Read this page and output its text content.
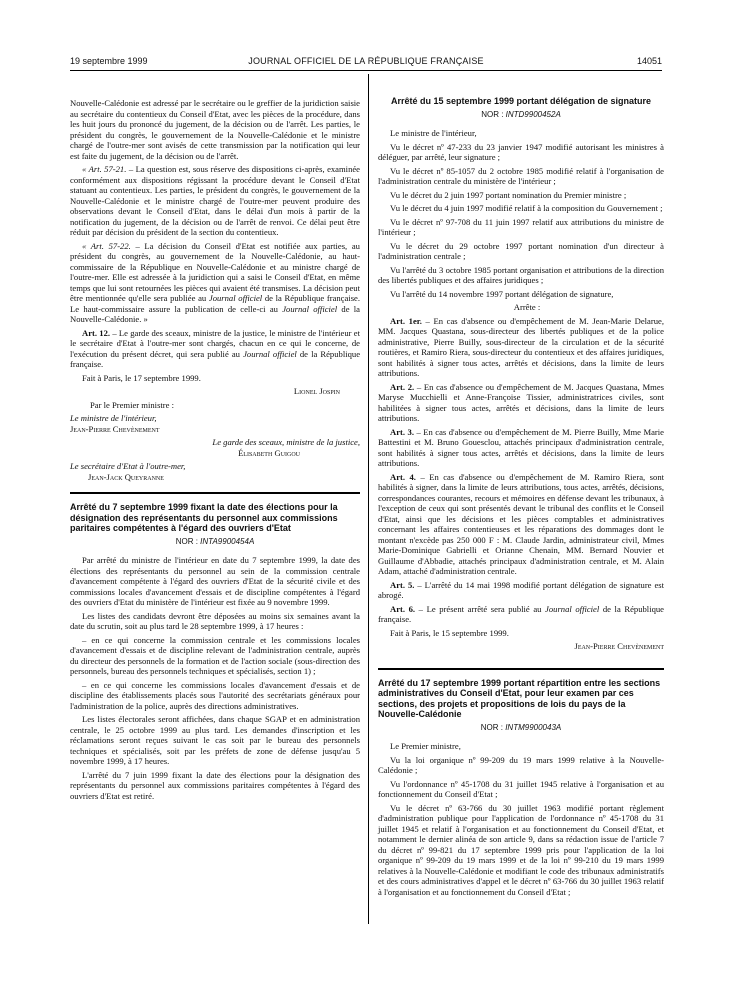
19 septembre 1999	JOURNAL OFFICIEL DE LA RÉPUBLIQUE FRANÇAISE	14051

Nouvelle-Calédonie est adressé par le secrétaire ou le greffier de la juridiction saisie au secrétaire du contentieux du Conseil d'Etat, avec les pièces de la procédure, dans les huit jours du prononcé du jugement, de la décision ou de l'arrêt. Les parties, le président du congrès, le gouvernement de la Nouvelle-Calédonie et le ministre chargé de l'outre-mer sont avisés de cette transmission par la notification qui leur est faite du jugement, de la décision ou de l'arrêt.

« Art. 57-21. – La question est, sous réserve des dispositions ci-après, examinée conformément aux dispositions régissant la procédure devant le Conseil d'Etat statuant au contentieux. Les parties, le président du congrès, le gouvernement de la Nouvelle-Calédonie et le ministre chargé de l'outre-mer peuvent produire des observations devant le Conseil d'Etat, dans le délai d'un mois à partir de la notification du jugement, de la décision ou de l'arrêt de renvoi. Ce délai peut être réduit par décision du président de la section du contentieux.

« Art. 57-22. – La décision du Conseil d'Etat est notifiée aux parties, au président du congrès, au gouvernement de la Nouvelle-Calédonie, au haut-commissaire de la République en Nouvelle-Calédonie et au ministre chargé de l'outre-mer. Elle est adressée à la juridiction qui a saisi le Conseil d'Etat, en même temps que lui sont retournées les pièces qui avaient été transmises. La décision peut être mentionnée qu'elle sera publiée au Journal officiel de la République française. Le haut-commissaire assure la publication de celle-ci au Journal officiel de la Nouvelle-Calédonie. »

Art. 12. – Le garde des sceaux, ministre de la justice, le ministre de l'intérieur et le secrétaire d'Etat à l'outre-mer sont chargés, chacun en ce qui le concerne, de l'exécution du présent décret, qui sera publié au Journal officiel de la République française.

Fait à Paris, le 17 septembre 1999.

Lionel Jospin

Par le Premier ministre :

Le ministre de l'intérieur,

Jean-Pierre Chevènement

Le garde des sceaux, ministre de la justice,

Élisabeth Guigou

Le secrétaire d'Etat à l'outre-mer,

Jean-Jack Queyranne

Arrêté du 7 septembre 1999 fixant la date des élections pour la désignation des représentants du personnel aux commissions paritaires compétentes à l'égard des ouvriers d'Etat
NOR : INTA9900454A

Par arrêté du ministre de l'intérieur en date du 7 septembre 1999, la date des élections des représentants du personnel au sein de la commission centrale d'avancement compétente à l'égard des ouvriers d'Etat de la sécurité civile et des commissions locales d'avancement d'essais et de discipline compétentes à l'égard des ouvriers d'Etat du ministère de l'intérieur est fixée au 9 novembre 1999.

Les listes des candidats devront être déposées au moins six semaines avant la date du scrutin, soit au plus tard le 28 septembre 1999, à 17 heures :

– en ce qui concerne la commission centrale et les commissions locales d'avancement d'essais et de discipline relevant de l'administration centrale, auprès du directeur des personnels de la formation et de l'action sociale (sous-direction des personnels, bureau des personnels techniques et spécialisés, section 1) ;

– en ce qui concerne les commissions locales d'avancement d'essais et de discipline des établissements placés sous l'autorité des secrétariats généraux pour l'administration de la police, auprès des directions administratives.

Les listes électorales seront affichées, dans chaque SGAP et en administration centrale, le 25 octobre 1999 au plus tard. Les demandes d'inscription et les réclamations seront reçues suivant le cas soit par le bureau des personnels techniques et spécialisés, soit par les préfets de zone de défense jusqu'au 5 novembre 1999, à 17 heures.

L'arrêté du 7 juin 1999 fixant la date des élections pour la désignation des représentants du personnel aux commissions paritaires compétentes à l'égard des ouvriers d'Etat est retiré.

Arrêté du 15 septembre 1999 portant délégation de signature
NOR : INTD9900452A

Le ministre de l'intérieur,

Vu le décret nº 47-233 du 23 janvier 1947 modifié autorisant les ministres à déléguer, par arrêté, leur signature ;

Vu le décret nº 85-1057 du 2 octobre 1985 modifié relatif à l'organisation de l'administration centrale du ministère de l'intérieur ;

Vu le décret du 2 juin 1997 portant nomination du Premier ministre ;

Vu le décret du 4 juin 1997 modifié relatif à la composition du Gouvernement ;

Vu le décret nº 97-708 du 11 juin 1997 relatif aux attributions du ministre de l'intérieur ;

Vu le décret du 29 octobre 1997 portant nomination d'un directeur à l'administration centrale ;

Vu l'arrêté du 3 octobre 1985 portant organisation et attributions de la direction des libertés publiques et des affaires juridiques ;

Vu l'arrêté du 14 novembre 1997 portant délégation de signature,

Arrête :

Art. 1er. – En cas d'absence ou d'empêchement de M. Jean-Marie Delarue, MM. Jacques Quastana, sous-directeur des libertés publiques et de la police administrative, Pierre Builly, sous-directeur de la circulation et de la sécurité routières, et Ramiro Riera, sous-directeur du contentieux et des affaires juridiques, sont habilités à signer tous actes, arrêtés et décisions, dans la limite de leurs attributions.

Art. 2. – En cas d'absence ou d'empêchement de M. Jacques Quastana, Mmes Maryse Mucchielli et Anne-Françoise Tissier, administratrices civiles, sont habilitées à signer tous actes, arrêtés et décisions, dans la limite de leurs attributions.

Art. 3. – En cas d'absence ou d'empêchement de M. Pierre Builly, Mme Marie Battestini et M. Bruno Gouesclou, attachés principaux d'administration centrale, sont habilités à signer tous actes, arrêtés et décisions, dans la limite de leurs attributions.

Art. 4. – En cas d'absence ou d'empêchement de M. Ramiro Riera, sont habilités à signer, dans la limite de leurs attributions, tous actes, arrêtés, décisions, correspondances courantes, recours et mémoires en défense devant les tribunaux, à l'exception de ceux qui sont présentés devant le tribunal des conflits et le Conseil d'Etat, ainsi que les décisions et les pièces comptables et administratives concernant les affaires contentieuses et les réparations des dommages dont le montant n'excède pas 250 000 F : M. Claude Jardin, administrateur civil, Mmes Marie-Dominique Gabrielli et Orianne Chenain, MM. Bernard Nouvier et Guillaume d'Abbadie, attachés principaux d'administration centrale, et M. Alain Adam, attaché d'administration centrale.

Art. 5. – L'arrêté du 14 mai 1998 modifié portant délégation de signature est abrogé.

Art. 6. – Le présent arrêté sera publié au Journal officiel de la République française.

Fait à Paris, le 15 septembre 1999.

Jean-Pierre Chevènement

Arrêté du 17 septembre 1999 portant répartition entre les sections administratives du Conseil d'Etat, pour leur examen par ces sections, des projets et propositions de lois du pays de la Nouvelle-Calédonie
NOR : INTM9900043A

Le Premier ministre,

Vu la loi organique nº 99-209 du 19 mars 1999 relative à la Nouvelle-Calédonie ;

Vu l'ordonnance nº 45-1708 du 31 juillet 1945 relative à l'organisation et au fonctionnement du Conseil d'Etat ;

Vu le décret nº 63-766 du 30 juillet 1963 modifié portant règlement d'administration publique pour l'application de l'ordonnance nº 45-1708 du 31 juillet 1945 et relatif à l'organisation et au fonctionnement du Conseil d'Etat, et notamment le dernier alinéa de son article 9, dans sa rédaction issue de l'article 7 du décret nº 99-821 du 17 septembre 1999 pris pour l'application de la loi organique nº 99-209 du 19 mars 1999 et de la loi nº 99-210 du 19 mars 1999 relatives à la Nouvelle-Calédonie et modifiant le code des tribunaux administratifs et des cours administratives d'appel et le décret nº 63-766 du 30 juillet 1963 relatif à l'organisation et au fonctionnement du Conseil d'Etat ;
